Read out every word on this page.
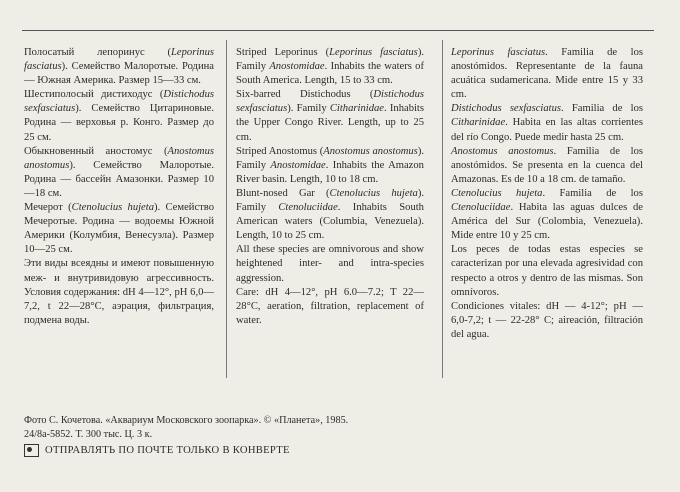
Полосатый лепоринус (Leporinus fasciatus). Семейство Малоротые. Родина — Южная Америка. Размер 15—33 см.

Шестиполосый дистиходус (Distichodus sexfasciatus). Семейство Цитариновые. Родина — верховья р. Конго. Размер до 25 см.

Обыкновенный аностомус (Anostomus anostomus). Семейство Малоротые. Родина — бассейн Амазонки. Размер 10—18 см.

Мечерот (Ctenolucius hujeta). Семейство Мечеротые. Родина — водоемы Южной Америки (Колумбия, Венесуэла). Размер 10—25 см.

Эти виды всеядны и имеют повышенную меж- и внутривидовую агрессивность. Условия содержания: dH 4—12°, pH 6,0—7,2, t 22—28°С, аэрация, фильтрация, подмена воды.

Striped Leporinus (Leporinus fasciatus). Family Anostomidae. Inhabits the waters of South America. Length, 15 to 33 cm.

Six-barred Distichodus (Distichodus sexfasciatus). Family Citharinidae. Inhabits the Upper Congo River. Length, up to 25 cm.

Striped Anostomus (Anostomus anostomus). Family Anostomidae. Inhabits the Amazon River basin. Length, 10 to 18 cm.

Blunt-nosed Gar (Ctenolucius hujeta). Family Ctenoluciidae. Inhabits South American waters (Columbia, Venezuela). Length, 10 to 25 cm.

All these species are omnivorous and show heightened inter- and intra-species aggression.

Care: dH 4—12°, pH 6.0—7.2; T 22—28°C, aeration, filtration, replacement of water.

Leporinus fasciatus. Familia de los anostómidos. Representante de la fauna acuática sudamericana. Mide entre 15 y 33 cm.

Distichodus sexfasciatus. Familia de los Citharinidae. Habita en las altas corrientes del río Congo. Puede medir hasta 25 cm.

Anostomus anostomus. Familia de los anostómidos. Se presenta en la cuenca del Amazonas. Es de 10 a 18 cm. de tamaño.

Ctenolucius hujeta. Familia de los Ctenoluciidae. Habita las aguas dulces de América del Sur (Colombia, Venezuela). Mide entre 10 y 25 cm.

Los peces de todas estas especies se caracterizan por una elevada agresividad con respecto a otros y dentro de las mismas. Son omnívoros.

Condiciones vitales: dH — 4-12°; pH — 6,0-7,2; t — 22-28° C; aireación, filtración del agua.

Фото С. Кочетова. «Аквариум Московского зоопарка». © «Планета», 1985.
24/8а-5852. Т. 300 тыс. Ц. 3 к.
ОТПРАВЛЯТЬ ПО ПОЧТЕ ТОЛЬКО В КОНВЕРТЕ
